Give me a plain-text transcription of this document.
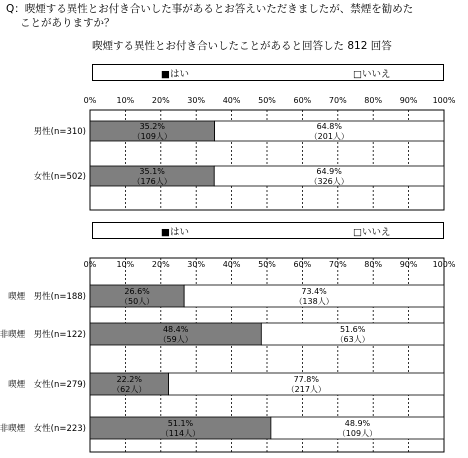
Q：喫煙する異性とお付き合いした事があるとお答えいただきましたが、禁煙を勧めた
ことがありますか？
喫煙する異性とお付き合いしたことがあると回答した 812 回答
■はい	□いいえ
■はい	□いいえ
0%	10% 20% 30% 40% 50% 60% 70% 80% 90% 100%
男性(n=310)
35.2%
（109人）
64.8%
（201人）
女性(n=502)
35.1%
（176人）
64.9%
（326人）
0%	10% 20% 30% 40% 50% 60% 70% 80% 90% 100%
喫煙　男性(n=188)
26.6%
（50人）
73.4%
（138人）
非喫煙　男性(n=122)
48.4%
（59人）
51.6%
（63人）
喫煙　女性(n=279)
22.2%
（62人）
77.8%
（217人）
非喫煙　女性(n=223)
51.1%
（114人）
48.9%
（109人）
